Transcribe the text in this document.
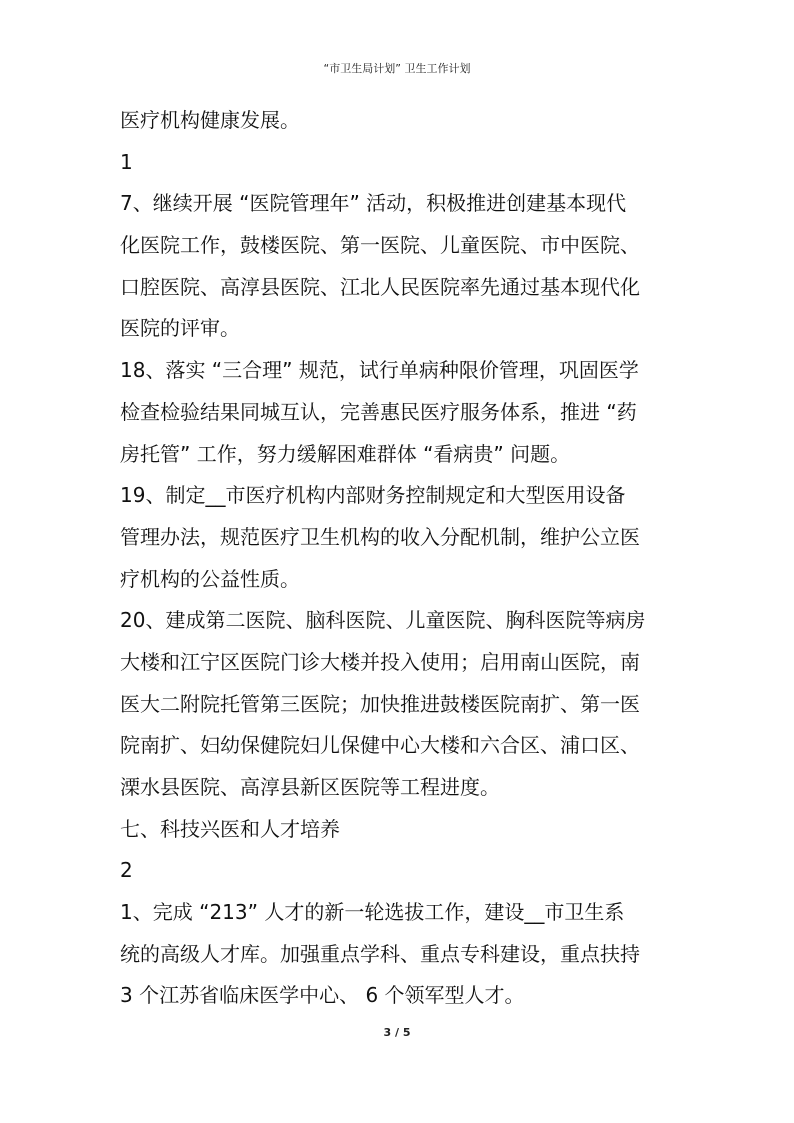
“市卫生局计划” 卫生工作计划
医疗机构健康发展。
1
7、继续开展 “医院管理年” 活动，积极推进创建基本现代
化医院工作，鼓楼医院、第一医院、儿童医院、市中医院、
口腔医院、高淳县医院、江北人民医院率先通过基本现代化
医院的评审。
18、落实 “三合理” 规范，试行单病种限价管理，巩固医学
检查检验结果同城互认，完善惠民医疗服务体系，推进 “药
房托管” 工作，努力缓解困难群体 “看病贵” 问题。
19、制定__市医疗机构内部财务控制规定和大型医用设备
管理办法，规范医疗卫生机构的收入分配机制，维护公立医
疗机构的公益性质。
20、建成第二医院、脑科医院、儿童医院、胸科医院等病房
大楼和江宁区医院门诊大楼并投入使用；启用南山医院，南
医大二附院托管第三医院；加快推进鼓楼医院南扩、第一医
院南扩、妇幼保健院妇儿保健中心大楼和六合区、浦口区、
溧水县医院、高淳县新区医院等工程进度。
七、科技兴医和人才培养
2
1、完成 “213” 人才的新一轮选拔工作，建设__市卫生系
统的高级人才库。加强重点学科、重点专科建设，重点扶持
3 个江苏省临床医学中心、 6 个领军型人才。
3 / 5
